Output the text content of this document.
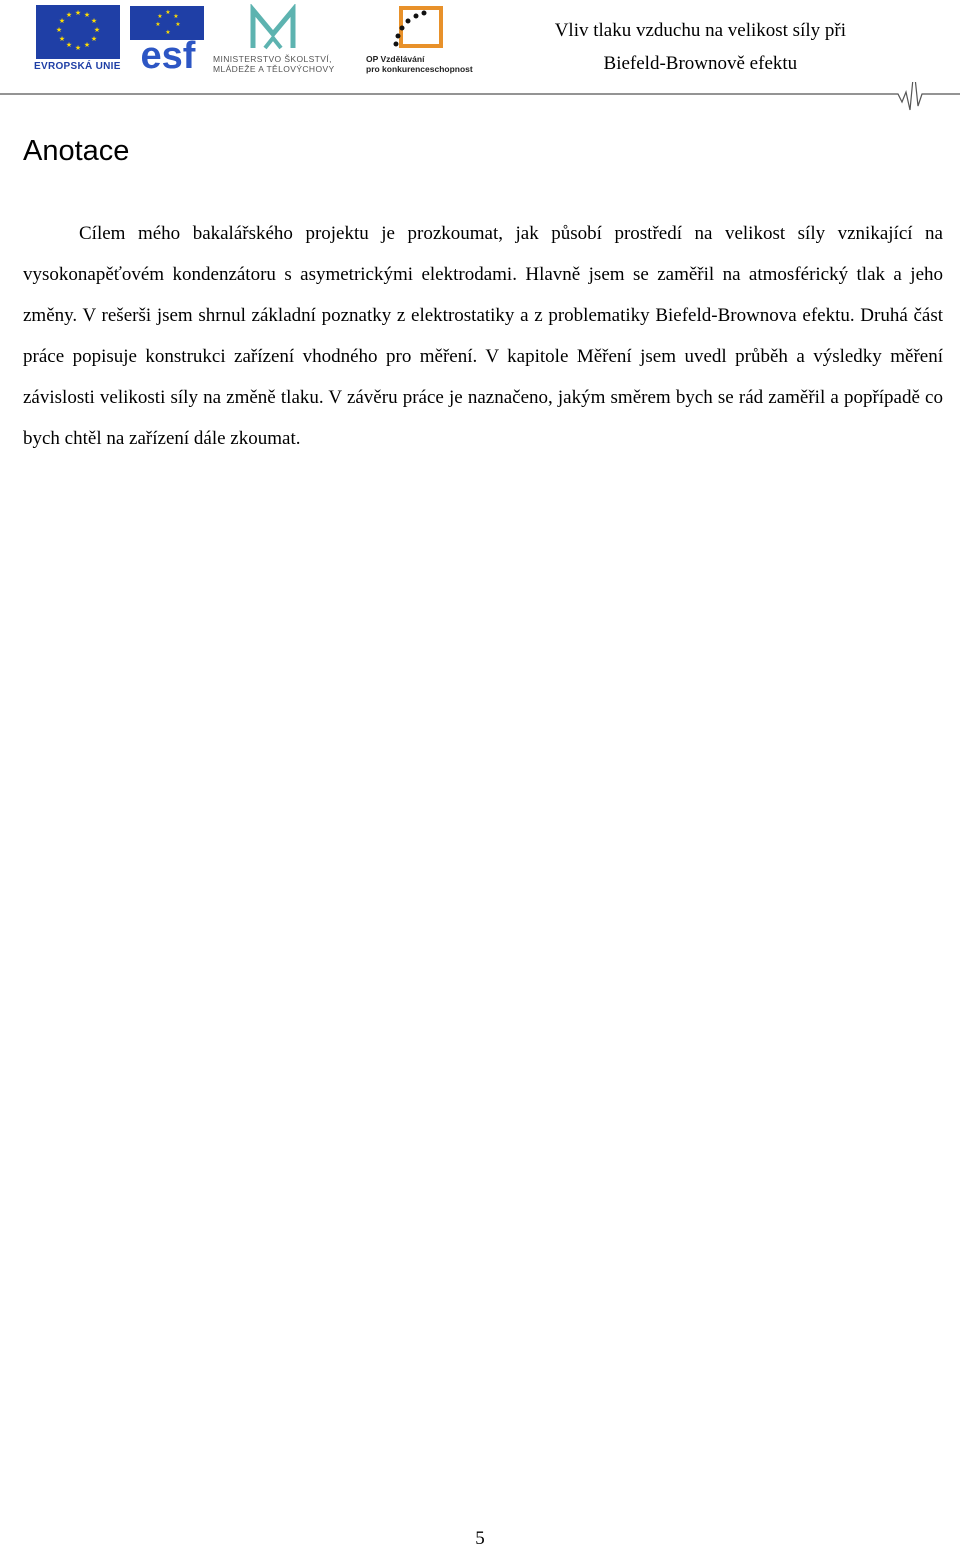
★ ★
★
★
★
★
★
★
★
★
★
★
EVROPSKÁ UNIE
★
★
★
★
★
★
esf MINISTERSTVO ŠKOLSTVÍ,
MLÁDEŽE A TĚLOVÝCHOVY
OP Vzdělávání
pro konkurenceschopnost
Vliv tlaku vzduchu na velikost síly při
Biefeld-Brownově efektu
Anotace

Cílem mého bakalářského projektu je prozkoumat, jak působí prostředí na velikost síly vznikající na vysokonapěťovém kondenzátoru s asymetrickými elektrodami. Hlavně jsem se zaměřil na atmosférický tlak a jeho změny. V rešerši jsem shrnul základní poznatky z elektrostatiky a z problematiky Biefeld-Brownova efektu. Druhá část práce popisuje konstrukci zařízení vhodného pro měření. V kapitole Měření jsem uvedl průběh a výsledky měření závislosti velikosti síly na změně tlaku. V závěru práce je naznačeno, jakým směrem bych se rád zaměřil a popřípadě co bych chtěl na zařízení dále zkoumat.

5
